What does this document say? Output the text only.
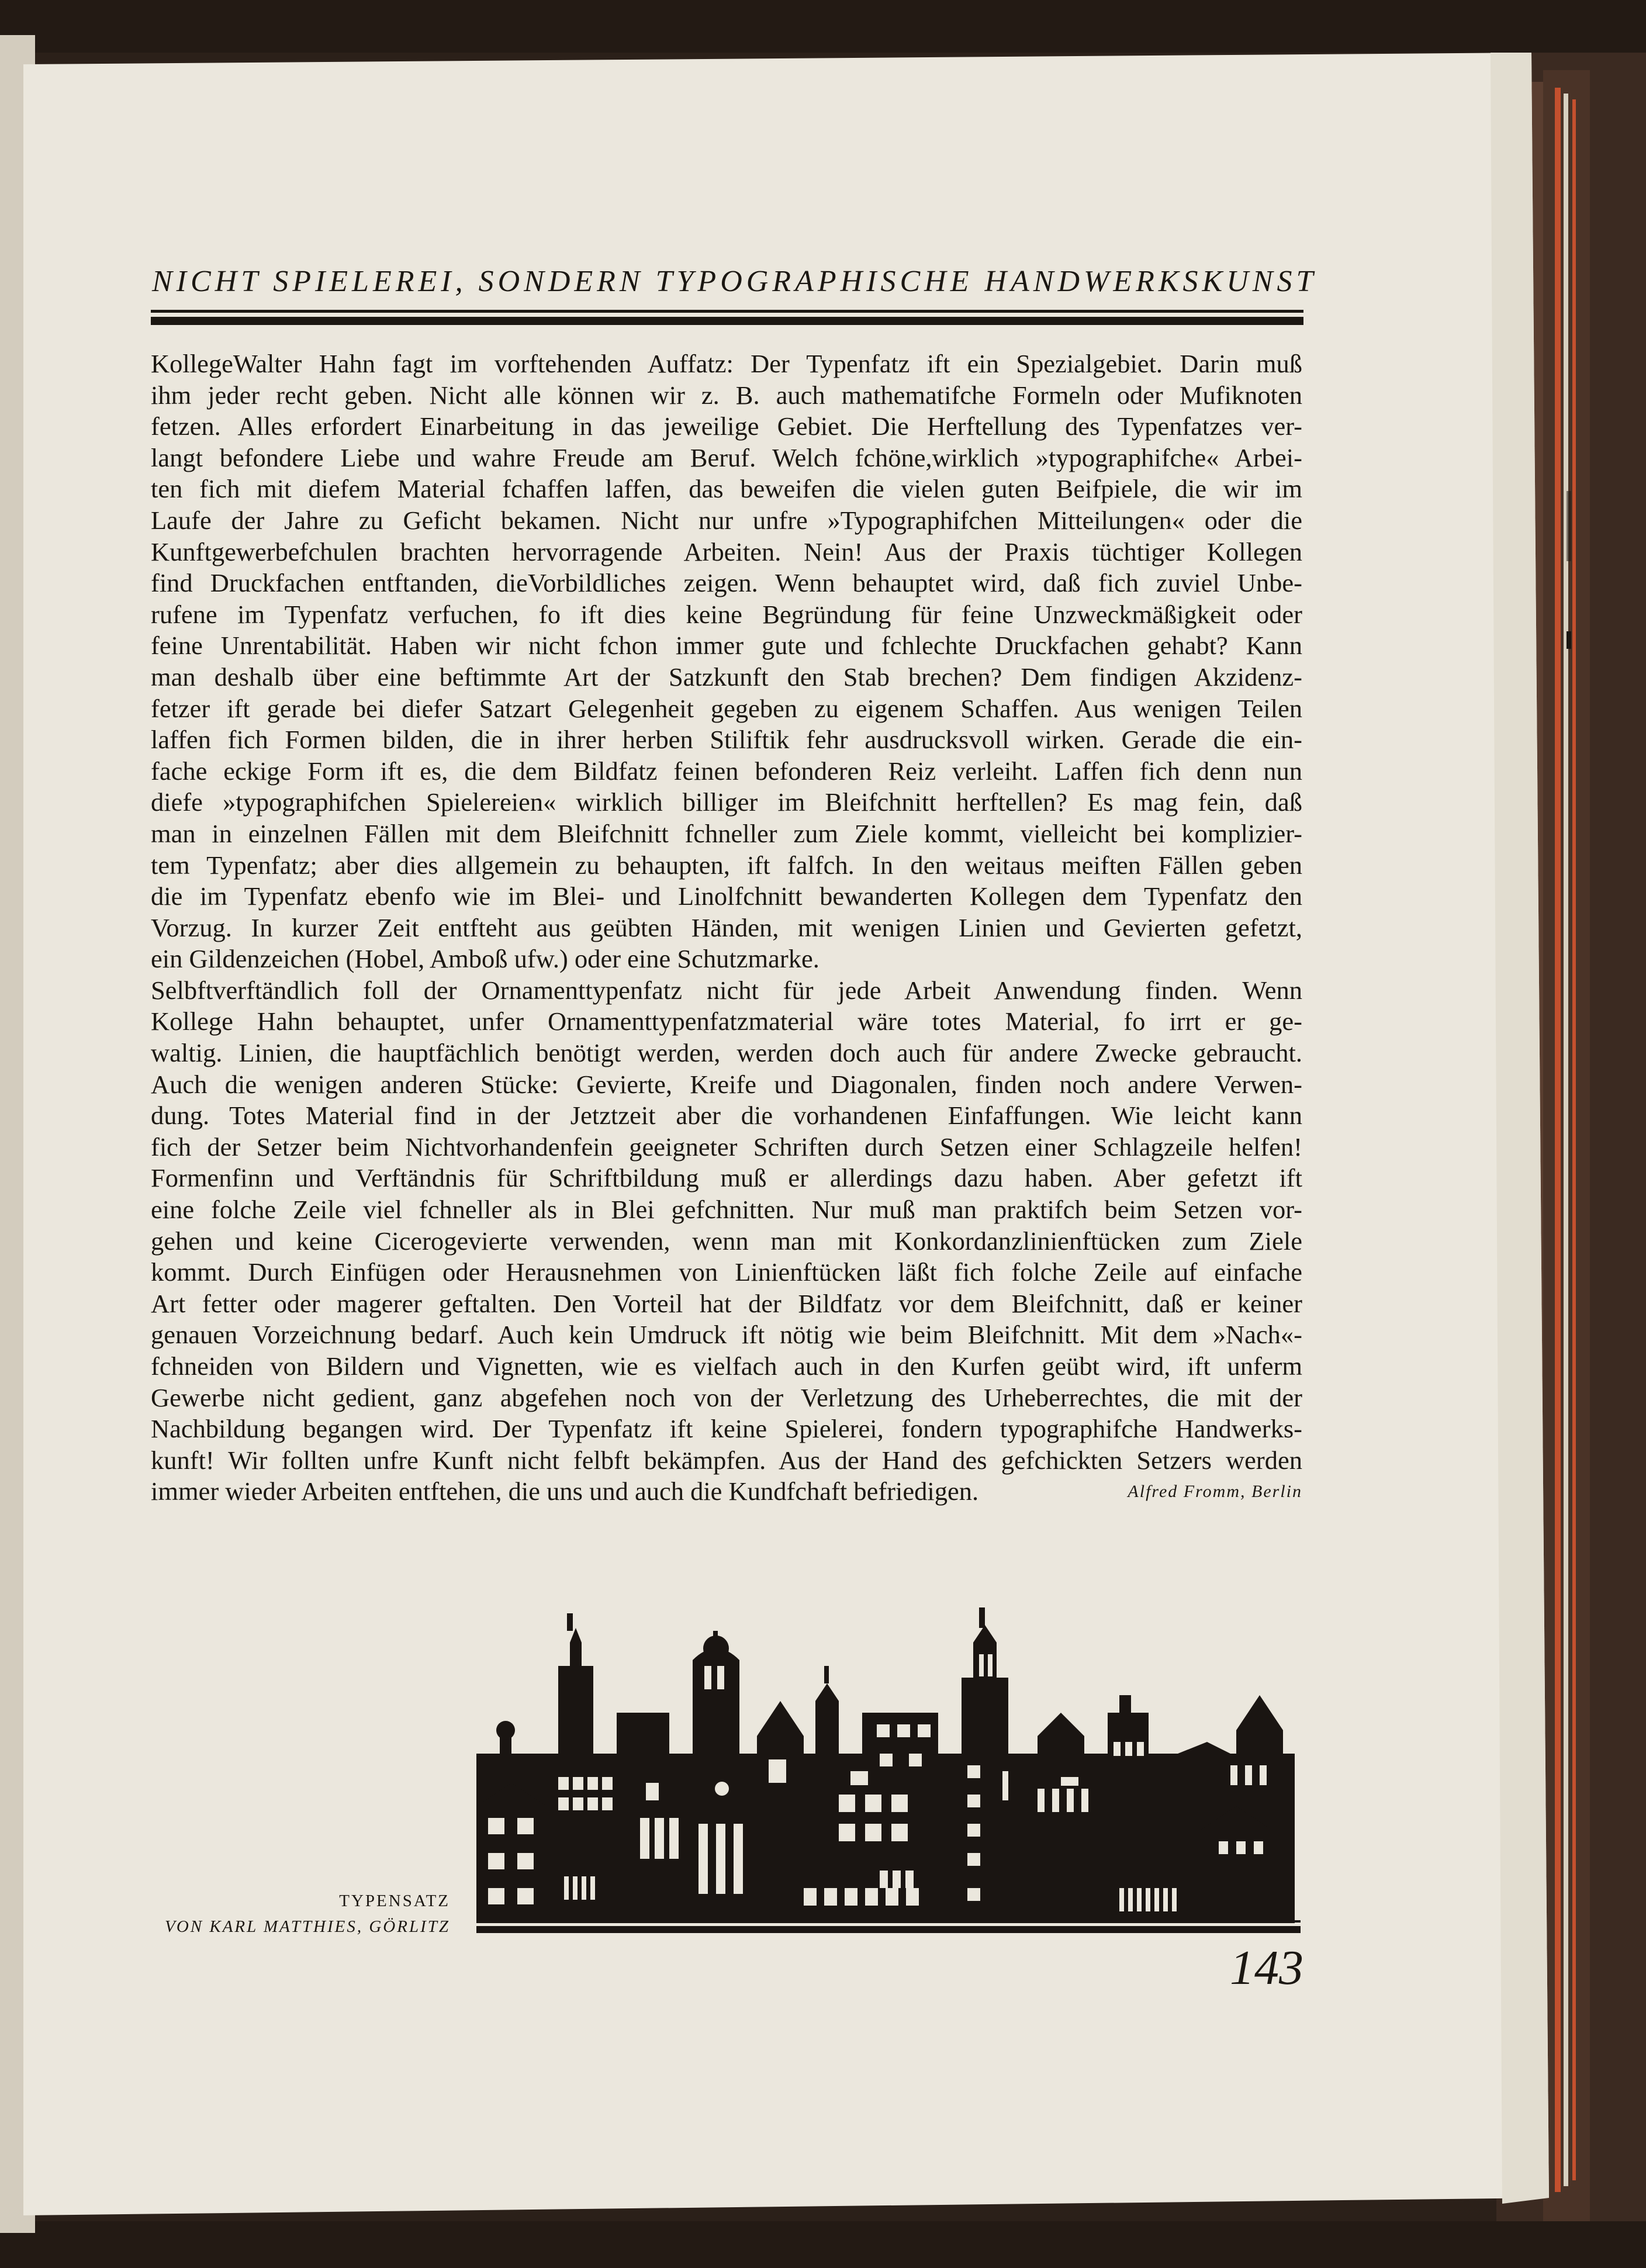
NICHT SPIELEREI, SONDERN TYPOGRAPHISCHE HANDWERKSKUNST
KollegeWalter Hahn fagt im vorftehenden Auffatz: Der Typenfatz ift ein Spezialgebiet. Darin muß
ihm jeder recht geben. Nicht alle können wir z. B. auch mathematifche Formeln oder Mufiknoten
fetzen. Alles erfordert Einarbeitung in das jeweilige Gebiet. Die Herftellung des Typenfatzes ver-
langt befondere Liebe und wahre Freude am Beruf. Welch fchöne,wirklich »typographifche« Arbei-
ten fich mit diefem Material fchaffen laffen, das beweifen die vielen guten Beifpiele, die wir im
Laufe der Jahre zu Geficht bekamen. Nicht nur unfre »Typographifchen Mitteilungen« oder die
Kunftgewerbefchulen brachten hervorragende Arbeiten. Nein! Aus der Praxis tüchtiger Kollegen
find Druckfachen entftanden, dieVorbildliches zeigen. Wenn behauptet wird, daß fich zuviel Unbe-
rufene im Typenfatz verfuchen, fo ift dies keine Begründung für feine Unzweckmäßigkeit oder
feine Unrentabilität. Haben wir nicht fchon immer gute und fchlechte Druckfachen gehabt? Kann
man deshalb über eine beftimmte Art der Satzkunft den Stab brechen? Dem findigen Akzidenz-
fetzer ift gerade bei diefer Satzart Gelegenheit gegeben zu eigenem Schaffen. Aus wenigen Teilen
laffen fich Formen bilden, die in ihrer herben Stiliftik fehr ausdrucksvoll wirken. Gerade die ein-
fache eckige Form ift es, die dem Bildfatz feinen befonderen Reiz verleiht. Laffen fich denn nun
diefe »typographifchen Spielereien« wirklich billiger im Bleifchnitt herftellen? Es mag fein, daß
man in einzelnen Fällen mit dem Bleifchnitt fchneller zum Ziele kommt, vielleicht bei komplizier-
tem Typenfatz; aber dies allgemein zu behaupten, ift falfch. In den weitaus meiften Fällen geben
die im Typenfatz ebenfo wie im Blei- und Linolfchnitt bewanderten Kollegen dem Typenfatz den
Vorzug. In kurzer Zeit entfteht aus geübten Händen, mit wenigen Linien und Gevierten gefetzt,
ein Gildenzeichen (Hobel, Amboß ufw.) oder eine Schutzmarke.
Selbftverftändlich foll der Ornamenttypenfatz nicht für jede Arbeit Anwendung finden. Wenn
Kollege Hahn behauptet, unfer Ornamenttypenfatzmaterial wäre totes Material, fo irrt er ge-
waltig. Linien, die hauptfächlich benötigt werden, werden doch auch für andere Zwecke gebraucht.
Auch die wenigen anderen Stücke: Gevierte, Kreife und Diagonalen, finden noch andere Verwen-
dung. Totes Material find in der Jetztzeit aber die vorhandenen Einfaffungen. Wie leicht kann
fich der Setzer beim Nichtvorhandenfein geeigneter Schriften durch Setzen einer Schlagzeile helfen!
Formenfinn und Verftändnis für Schriftbildung muß er allerdings dazu haben. Aber gefetzt ift
eine folche Zeile viel fchneller als in Blei gefchnitten. Nur muß man praktifch beim Setzen vor-
gehen und keine Cicerogevierte verwenden, wenn man mit Konkordanzlinienftücken zum Ziele
kommt. Durch Einfügen oder Herausnehmen von Linienftücken läßt fich folche Zeile auf einfache
Art fetter oder magerer geftalten. Den Vorteil hat der Bildfatz vor dem Bleifchnitt, daß er keiner
genauen Vorzeichnung bedarf. Auch kein Umdruck ift nötig wie beim Bleifchnitt. Mit dem »Nach«-
fchneiden von Bildern und Vignetten, wie es vielfach auch in den Kurfen geübt wird, ift unferm
Gewerbe nicht gedient, ganz abgefehen noch von der Verletzung des Urheberrechtes, die mit der
Nachbildung begangen wird. Der Typenfatz ift keine Spielerei, fondern typographifche Handwerks-
kunft! Wir follten unfre Kunft nicht felbft bekämpfen. Aus der Hand des gefchickten Setzers werden
immer wieder Arbeiten entftehen, die uns und auch die Kundfchaft befriedigen.	Alfred Fromm, Berlin
TYPENSATZ
VON KARL MATTHIES, GÖRLITZ
143
